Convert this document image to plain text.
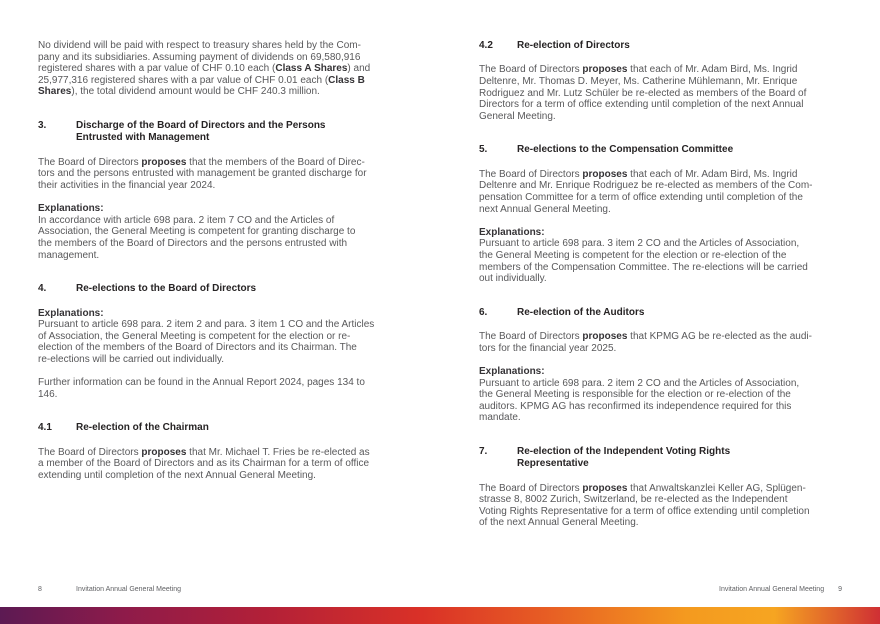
No dividend will be paid with respect to treasury shares held by the Com-
pany and its subsidiaries. Assuming payment of dividends on 69,580,916
registered shares with a par value of CHF 0.10 each (Class A Shares) and
25,977,316 registered shares with a par value of CHF 0.01 each (Class B
Shares), the total dividend amount would be CHF 240.3 million.

3.	Discharge of the Board of Directors and the Persons
Entrusted with Management

The Board of Directors proposes that the members of the Board of Direc-
tors and the persons entrusted with management be granted discharge for
their activities in the financial year 2024.

Explanations:

In accordance with article 698 para. 2 item 7 CO and the Articles of
Association, the General Meeting is competent for granting discharge to
the members of the Board of Directors and the persons entrusted with
management.

4.	Re-elections to the Board of Directors
Explanations:

Pursuant to article 698 para. 2 item 2 and para. 3 item 1 CO and the Articles
of Association, the General Meeting is competent for the election or re-
election of the members of the Board of Directors and its Chairman. The
re-elections will be carried out individually.

Further information can be found in the Annual Report 2024, pages 134 to
146.

4.1	Re-election of the Chairman

The Board of Directors proposes that Mr. Michael T. Fries be re-elected as
a member of the Board of Directors and as its Chairman for a term of office
extending until completion of the next Annual General Meeting.

4.2	Re-election of Directors

The Board of Directors proposes that each of Mr. Adam Bird, Ms. Ingrid
Deltenre, Mr. Thomas D. Meyer, Ms. Catherine Mühlemann, Mr. Enrique
Rodriguez and Mr. Lutz Schüler be re-elected as members of the Board of
Directors for a term of office extending until completion of the next Annual
General Meeting.

5.	Re-elections to the Compensation Committee

The Board of Directors proposes that each of Mr. Adam Bird, Ms. Ingrid
Deltenre and Mr. Enrique Rodriguez be re-elected as members of the Com-
pensation Committee for a term of office extending until completion of the
next Annual General Meeting.

Explanations:

Pursuant to article 698 para. 3 item 2 CO and the Articles of Association,
the General Meeting is competent for the election or re-election of the
members of the Compensation Committee. The re-elections will be carried
out individually.

6.	Re-election of the Auditors

The Board of Directors proposes that KPMG AG be re-elected as the audi-
tors for the financial year 2025.

Explanations:

Pursuant to article 698 para. 2 item 2 CO and the Articles of Association,
the General Meeting is responsible for the election or re-election of the
auditors. KPMG AG has reconfirmed its independence required for this
mandate.

7.	Re-election of the Independent Voting Rights
Representative

The Board of Directors proposes that Anwaltskanzlei Keller AG, Splügen-
strasse 8, 8002 Zurich, Switzerland, be re-elected as the Independent
Voting Rights Representative for a term of office extending until completion
of the next Annual General Meeting.

8	Invitation Annual General Meeting	Invitation Annual General Meeting 9
